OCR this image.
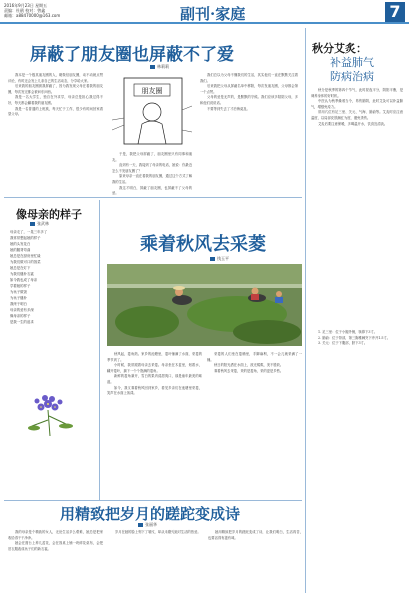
2016年9月23日 星期五
责编：杜鹃 校对：曾鑫
邮箱：a88470000@163.com	副刊·家庭	7
屏蔽了朋友圈也屏蔽不了爱
林莉莉

我本是一个极其朋友圈的人，刷微信朋友圈，动不动就点赞评论，有时还会发上几条自己的生活动态，分享给大家。

后来我的朋友圈被我屏蔽了，因为我发现父母在看我的朋友圈，每次发完都会被问东问西。

我是一名大学生，独自在外求学，母亲总是担心我过得不好，每天都会翻看我的朋友圈。

我是一名普通的上班族，每天忙于工作，很少有时间回家看望父母。

朋友圈

于是，我把父母屏蔽了，朋友圈里只有同事和朋友。

直到有一天，我接到了母亲的电话，她说：你最近怎么不发朋友圈了？

原来母亲一直在看我的朋友圈，通过这个方式了解我的生活。

我这才明白，屏蔽了朋友圈，也屏蔽不了父母的爱。

我们总以为父母不懂我们的生活，其实他们一直在默默关注着我们。

后来我把父母从屏蔽名单中移除，每次发朋友圈，父母都会第一个点赞。

父母的爱是无声的，是默默的守候。我们应该多陪陪父母，多和他们说说话。

不要等到失去了才后悔莫及。

秋分艾炙：
补益肺气
防病治病

秋分是秋季的第四个节气，此时昼夜平分，阴阳平衡，是调养身体的好时机。

中医认为秋季燥邪当令，易伤肺阴，此时艾灸可以补益肺气，增强免疫力。

常用穴位有足三里、关元、气海、肺俞等。艾灸时应注意温度，以局部皮肤潮红为度，避免烫伤。

艾灸后要注意保暖，多喝温开水，饮食宜清淡。

1. 足三里：位于小腿外侧，犊鼻下3寸。

2. 肺俞：位于背部，第三胸椎棘突下旁开1.5寸。

3. 关元：位于下腹部，脐下3寸。

像母亲的样子
张武林
母亲走了，一晃三年多了
我常常想起她的样子
她的头发花白
她的腰背弯曲
她总是在厨房里忙碌
为我们做可口的饭菜
她总是在灯下
为我们缝补衣裳
如今我也成了母亲
学着她的样子
为孩子做饭
为孩子缝补
我终于明白
母亲的爱有多深
像母亲的样子
是我一生的追求
乘着秋风去采菱
钱玉平

秋风起，菱角熟。家乡的池塘里，菱叶铺满了水面，采菱的季节到了。

小时候，我常跟着母亲去采菱。母亲坐在木盆里，划着水，翻开菱叶，摘下一个个饱满的菱角。

新鲜的菱角剥开，雪白的果肉清甜爽口，那是童年最美的味道。

如今，我又乘着秋风回到家乡，看见乡亲们在池塘里采菱，笑声在水面上荡漾。

采菱的人们坐在菱桶里，手脚麻利，不一会儿就采满了一桶。

秋日的阳光洒在水面上，波光粼粼，美不胜收。

乘着秋风去采菱，采的是菱角，采的更是乡愁。

用精致把岁月的蹉跎变成诗
张丽华

我的母亲是个精致的女人，无论生活多么艰难，她总是把家收拾得干干净净。

她会在窗台上养几盆花，会在饭桌上铺一块碎花桌布，会把旧衣服改成孩子们的新衣裳。

岁月在她的脸上刻下了皱纹，却从未磨灭她对生活的热爱。	她用精致把岁月的蹉跎变成了诗，让我们明白，生活再苦，也要活得有滋有味。
